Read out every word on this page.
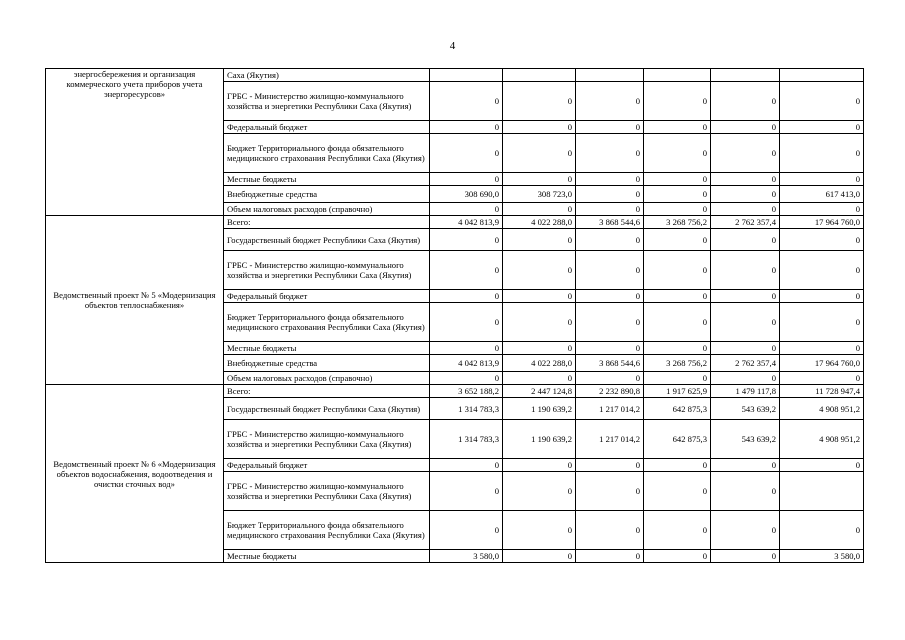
4
энергосбережения и организация коммерческого учета приборов учета энергоресурсов»	Саха (Якутия)						
	ГРБС - Министерство жилищно-коммунального хозяйства и энергетики Республики Саха (Якутия)	0	0	0	0	0	0
	Федеральный бюджет	0	0	0	0	0	0
	Бюджет Территориального фонда обязательного медицинского страхования Республики Саха (Якутия)	0	0	0	0	0	0
	Местные бюджеты	0	0	0	0	0	0
	Внебюджетные средства	308 690,0	308 723,0	0	0	0	617 413,0
	Объем налоговых расходов (справочно)	0	0	0	0	0	0
Ведомственный проект № 5 «Модернизация объектов теплоснабжения»	Всего:	4 042 813,9	4 022 288,0	3 868 544,6	3 268 756,2	2 762 357,4	17 964 760,0
	Государственный бюджет Республики Саха (Якутия)	0	0	0	0	0	0
	ГРБС - Министерство жилищно-коммунального хозяйства и энергетики Республики Саха (Якутия)	0	0	0	0	0	0
	Федеральный бюджет	0	0	0	0	0	0
	Бюджет Территориального фонда обязательного медицинского страхования Республики Саха (Якутия)	0	0	0	0	0	0
	Местные бюджеты	0	0	0	0	0	0
	Внебюджетные средства	4 042 813,9	4 022 288,0	3 868 544,6	3 268 756,2	2 762 357,4	17 964 760,0
	Объем налоговых расходов (справочно)	0	0	0	0	0	0
Ведомственный проект № 6 «Модернизация объектов водоснабжения, водоотведения и очистки сточных вод»	Всего:	3 652 188,2	2 447 124,8	2 232 890,8	1 917 625,9	1 479 117,8	11 728 947,4
	Государственный бюджет Республики Саха (Якутия)	1 314 783,3	1 190 639,2	1 217 014,2	642 875,3	543 639,2	4 908 951,2
	ГРБС - Министерство жилищно-коммунального хозяйства и энергетики Республики Саха (Якутия)	1 314 783,3	1 190 639,2	1 217 014,2	642 875,3	543 639,2	4 908 951,2
	Федеральный бюджет	0	0	0	0	0	0
	ГРБС - Министерство жилищно-коммунального хозяйства и энергетики Республики Саха (Якутия)	0	0	0	0	0	
	Бюджет Территориального фонда обязательного медицинского страхования Республики Саха (Якутия)	0	0	0	0	0	0
	Местные бюджеты	3 580,0	0	0	0	0	3 580,0
